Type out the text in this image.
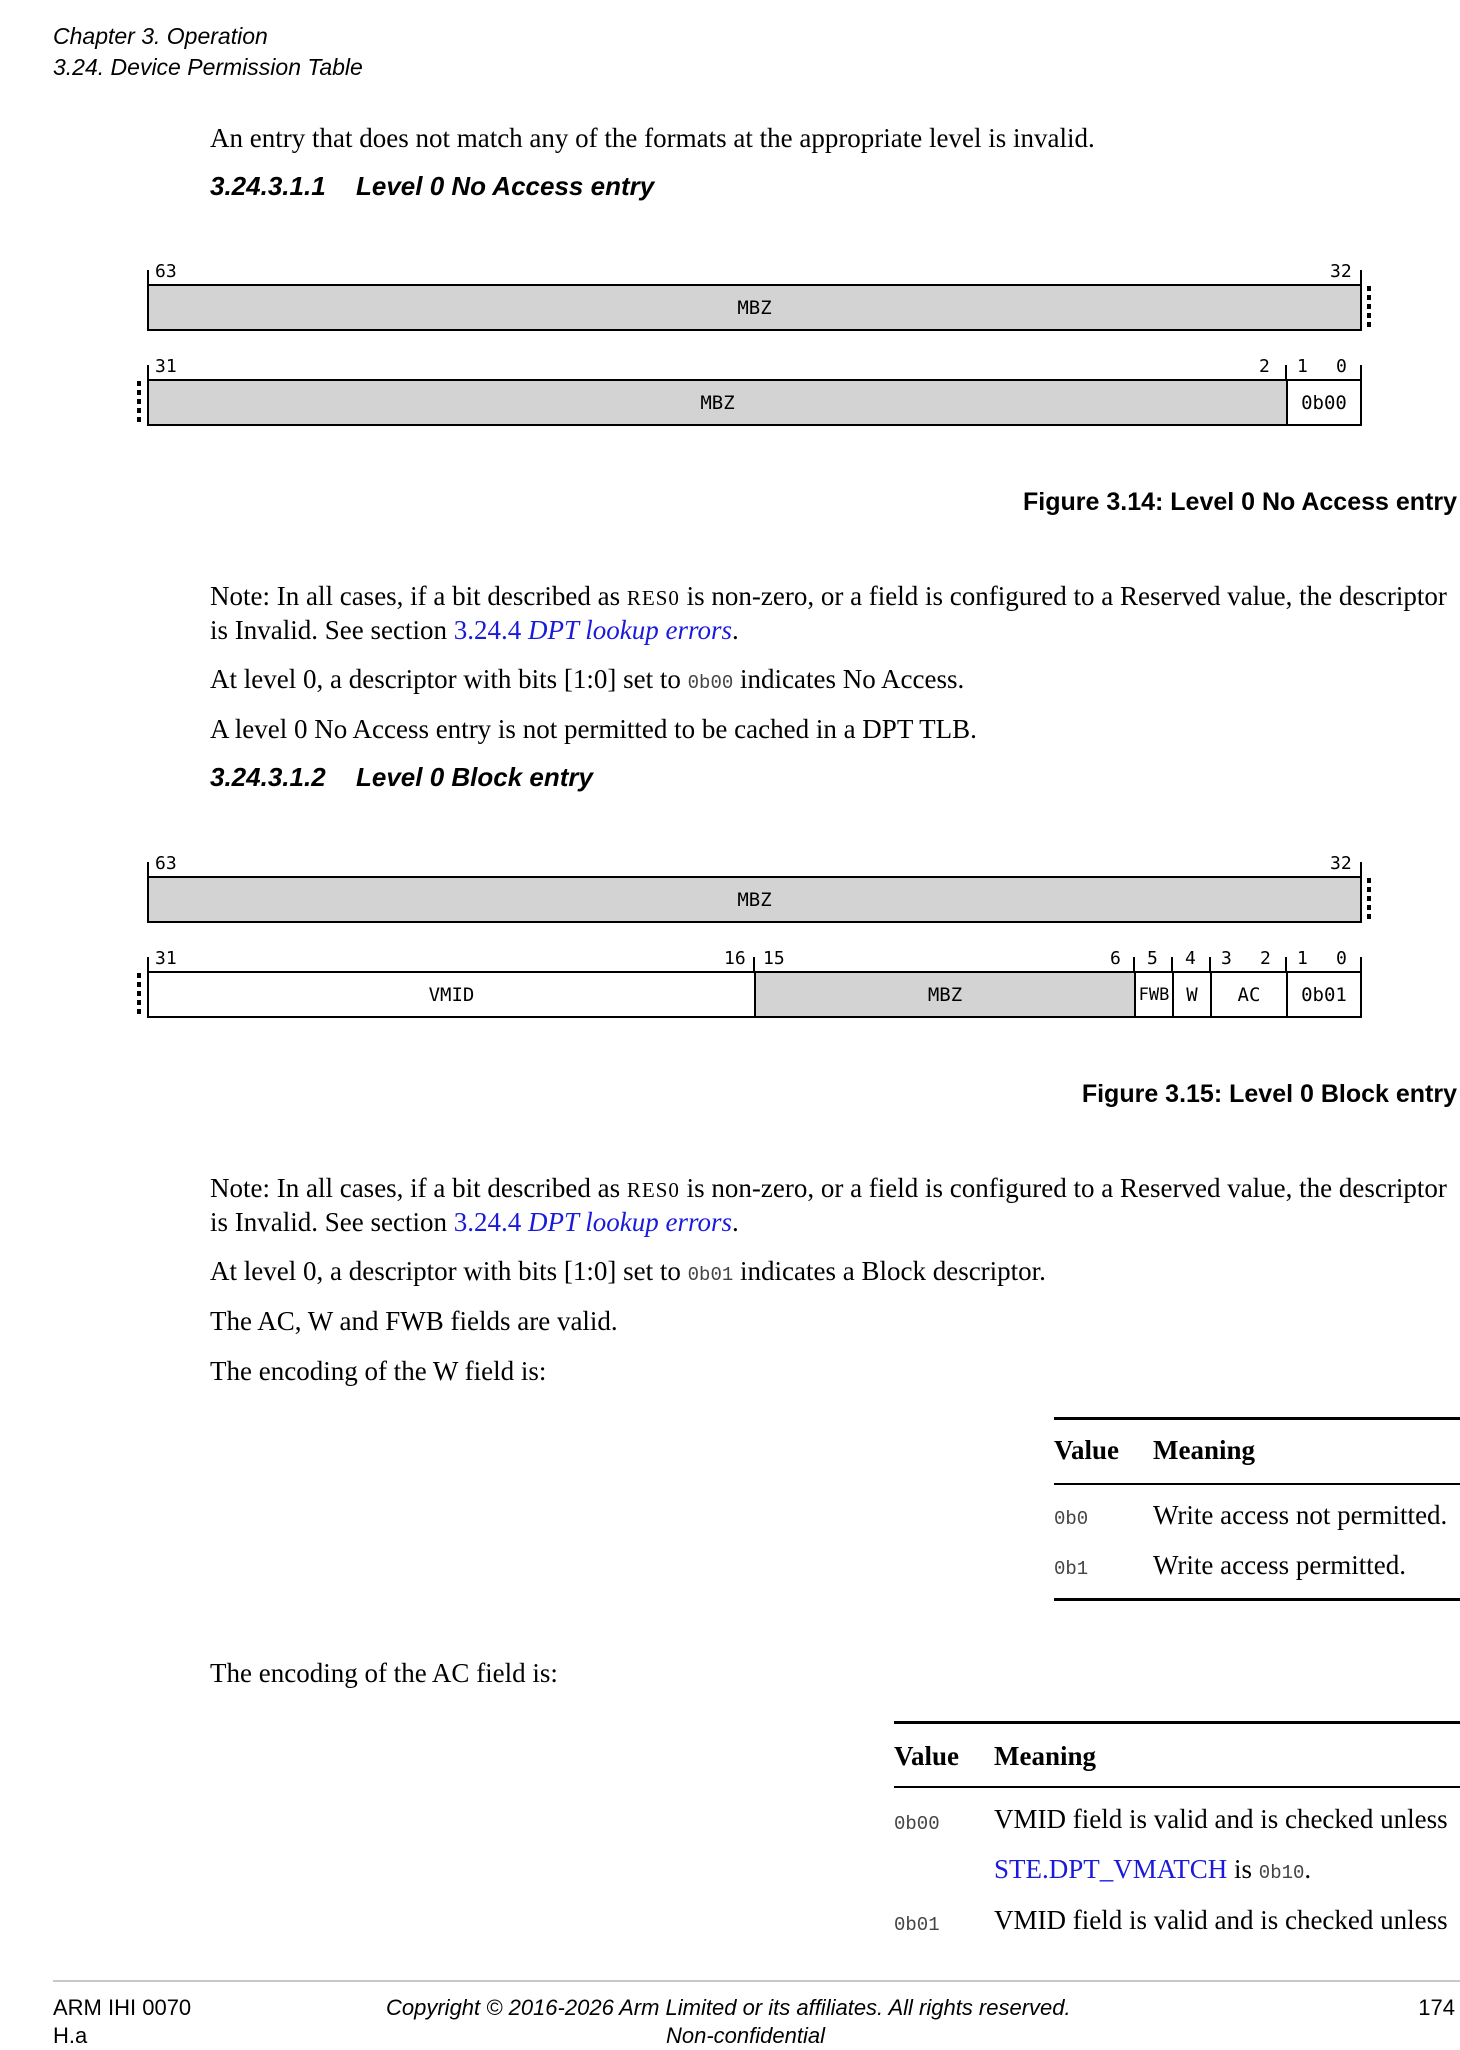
Chapter 3. Operation
3.24. Device Permission Table
An entry that does not match any of the formats at the appropriate level is invalid.
3.24.3.1.1 Level 0 No Access entry
63	32
MBZ
31	2 1 0
MBZ	0b00
Figure 3.14: Level 0 No Access entry
Note: In all cases, if a bit described as RES0 is non-zero, or a field is configured to a Reserved value, the descriptor
is Invalid. See section 3.24.4 DPT lookup errors.
At level 0, a descriptor with bits [1:0] set to 0b00 indicates No Access.
A level 0 No Access entry is not permitted to be cached in a DPT TLB.
3.24.3.1.2 Level 0 Block entry
63	32
MBZ
31	16 15	6 5 4 3 2 1 0
VMID	MBZ	FWB W	AC	0b01
Figure 3.15: Level 0 Block entry
Note: In all cases, if a bit described as RES0 is non-zero, or a field is configured to a Reserved value, the descriptor
is Invalid. See section 3.24.4 DPT lookup errors.
At level 0, a descriptor with bits [1:0] set to 0b01 indicates a Block descriptor.
The AC, W and FWB fields are valid.
The encoding of the W field is:
Value Meaning
0b0 Write access not permitted.
0b1 Write access permitted.
The encoding of the AC field is:
Value Meaning
0b00 VMID field is valid and is checked unless
STE.DPT_VMATCH is 0b10.
0b01 VMID field is valid and is checked unless
ARM IHI 0070
H.a
Copyright © 2016-2026 Arm Limited or its affiliates. All rights reserved.
Non-confidential
174
